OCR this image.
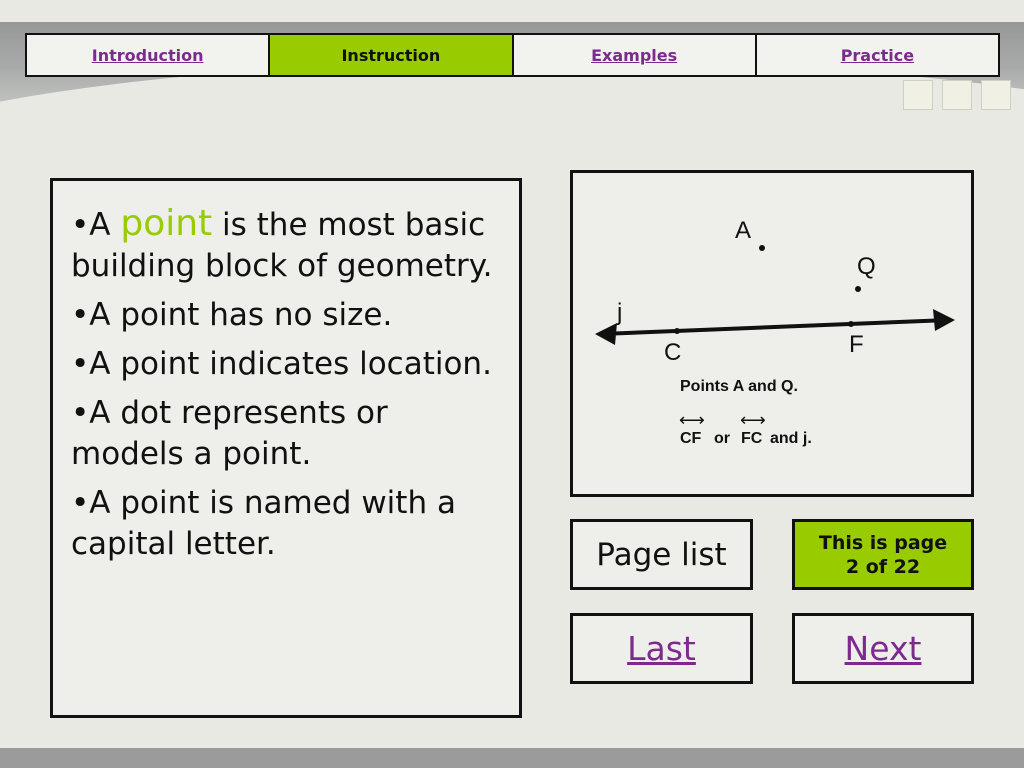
Introduction	Instruction	Examples	Practice

•A point is the most basic building block of geometry.

•A point has no size.

•A point indicates location.

•A dot represents or models a point.

•A point is named with a capital letter.

A
Q
j
C	F
Points A and Q.
⟷ ⟷
CF or FC and j.
Page list	This is page
2 of 22
Last	Next
